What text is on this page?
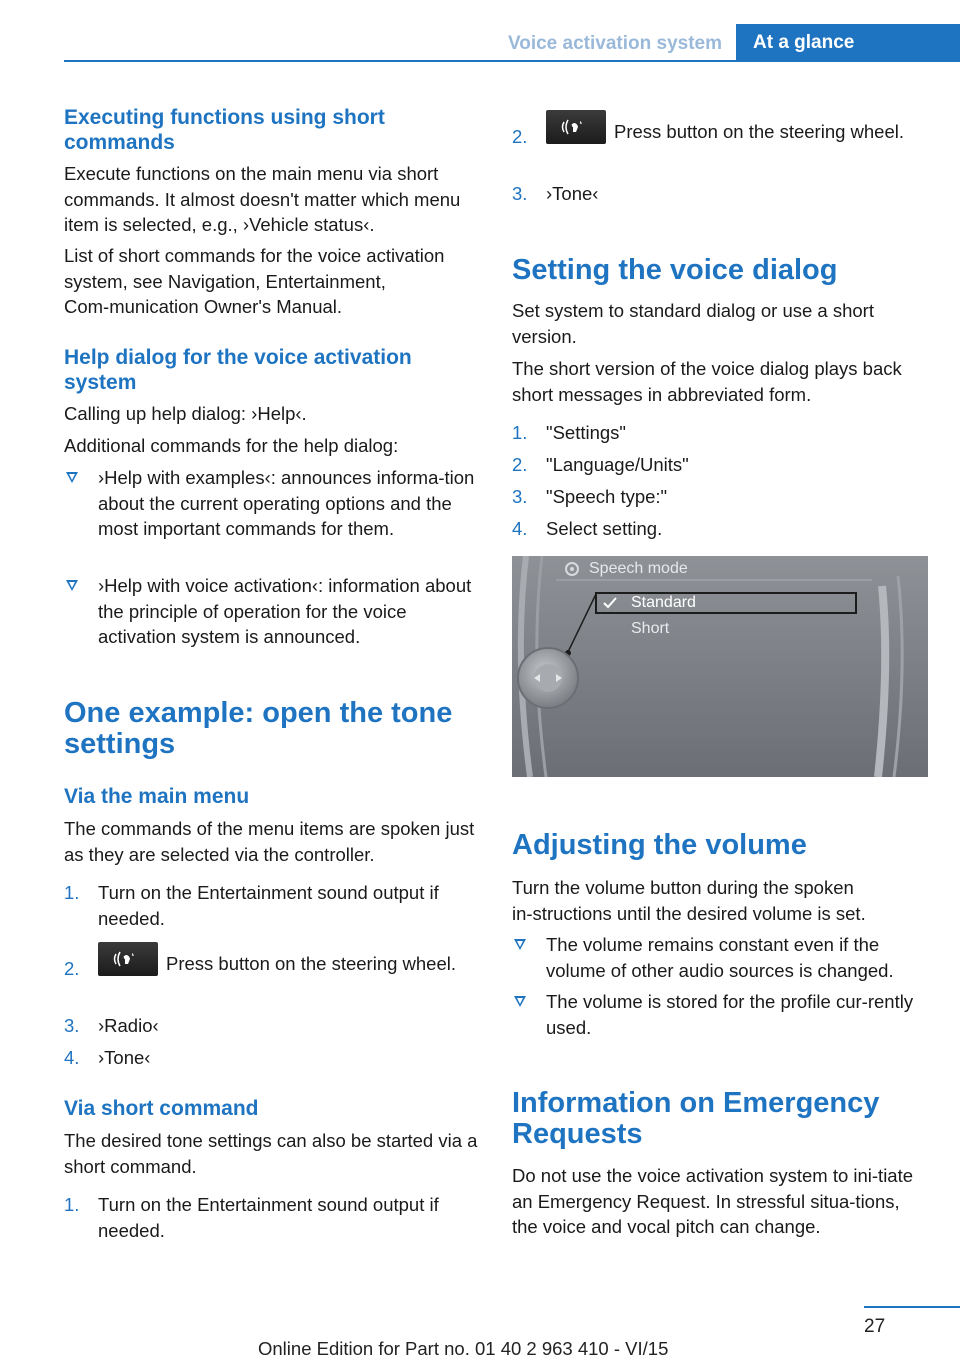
Voice activation system	At a glance
Executing functions using short commands
Execute functions on the main menu via short commands. It almost doesn't matter which menu item is selected, e.g., ›Vehicle status‹.
List of short commands for the voice activation system, see Navigation, Entertainment, Com‑munication Owner's Manual.
Help dialog for the voice activation system
Calling up help dialog: ›Help‹.
Additional commands for the help dialog:
›Help with examples‹: announces informa‑tion about the current operating options and the most important commands for them.
›Help with voice activation‹: information about the principle of operation for the voice activation system is announced.
One example: open the tone settings
Via the main menu
The commands of the menu items are spoken just as they are selected via the controller.
1. Turn on the Entertainment sound output if needed.
2.	Press button on the steering wheel.
3. ›Radio‹
4. ›Tone‹
Via short command
The desired tone settings can also be started via a short command.
1. Turn on the Entertainment sound output if needed.
2.	Press button on the steering wheel.
3. ›Tone‹
Setting the voice dialog
Set system to standard dialog or use a short version.
The short version of the voice dialog plays back short messages in abbreviated form.
1. "Settings"
2. "Language/Units"
3. "Speech type:"
4. Select setting.
Adjusting the volume
Turn the volume button during the spoken in‑structions until the desired volume is set.
The volume remains constant even if the volume of other audio sources is changed.
The volume is stored for the profile cur‑rently used.
Information on Emergency Requests
Do not use the voice activation system to ini‑tiate an Emergency Request. In stressful situa‑tions, the voice and vocal pitch can change.
Speech mode
Standard
Short
27
Online Edition for Part no. 01 40 2 963 410 - VI/15
